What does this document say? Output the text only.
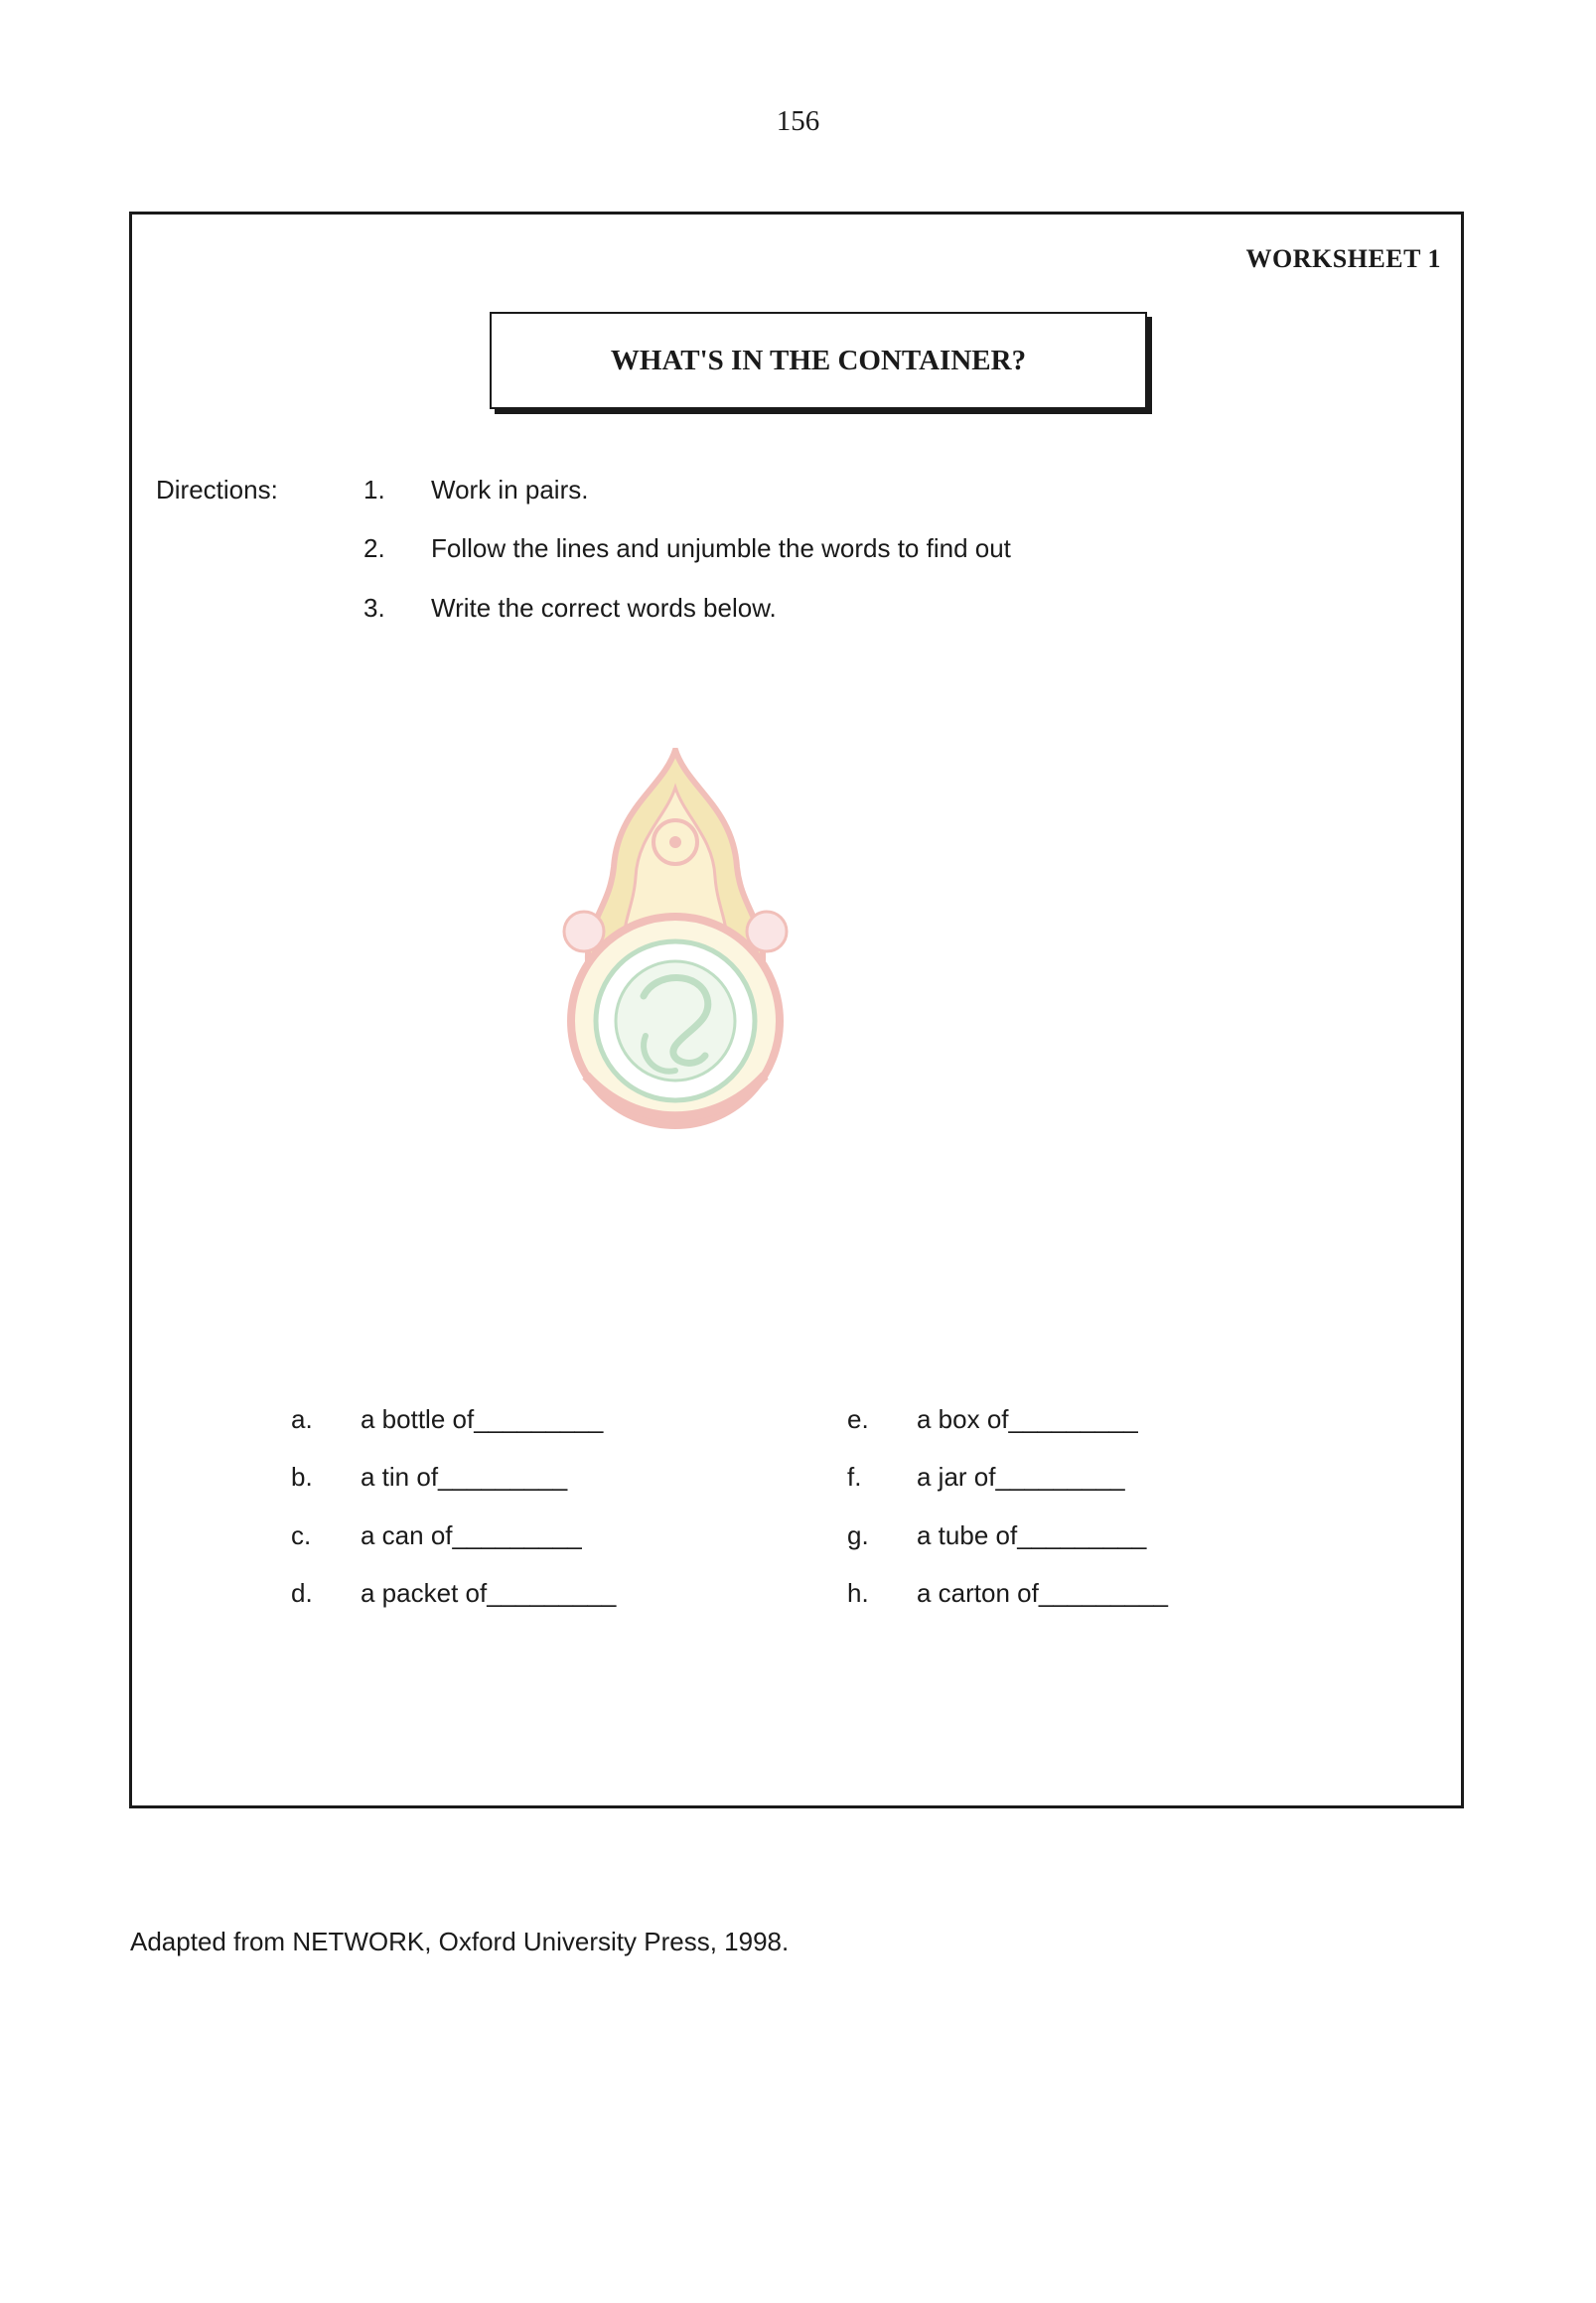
156
WORKSHEET 1
WHAT'S IN THE CONTAINER?
Directions:	1. Work in pairs.
2. Follow the lines and unjumble the words to find out
3. Write the correct words below.
a. a bottle of_________
b. a tin of_________
c. a can of_________
d. a packet of_________
e. a box of_________
f. a jar of_________
g. a tube of_________
h. a carton of_________
Adapted from NETWORK, Oxford University Press, 1998.
